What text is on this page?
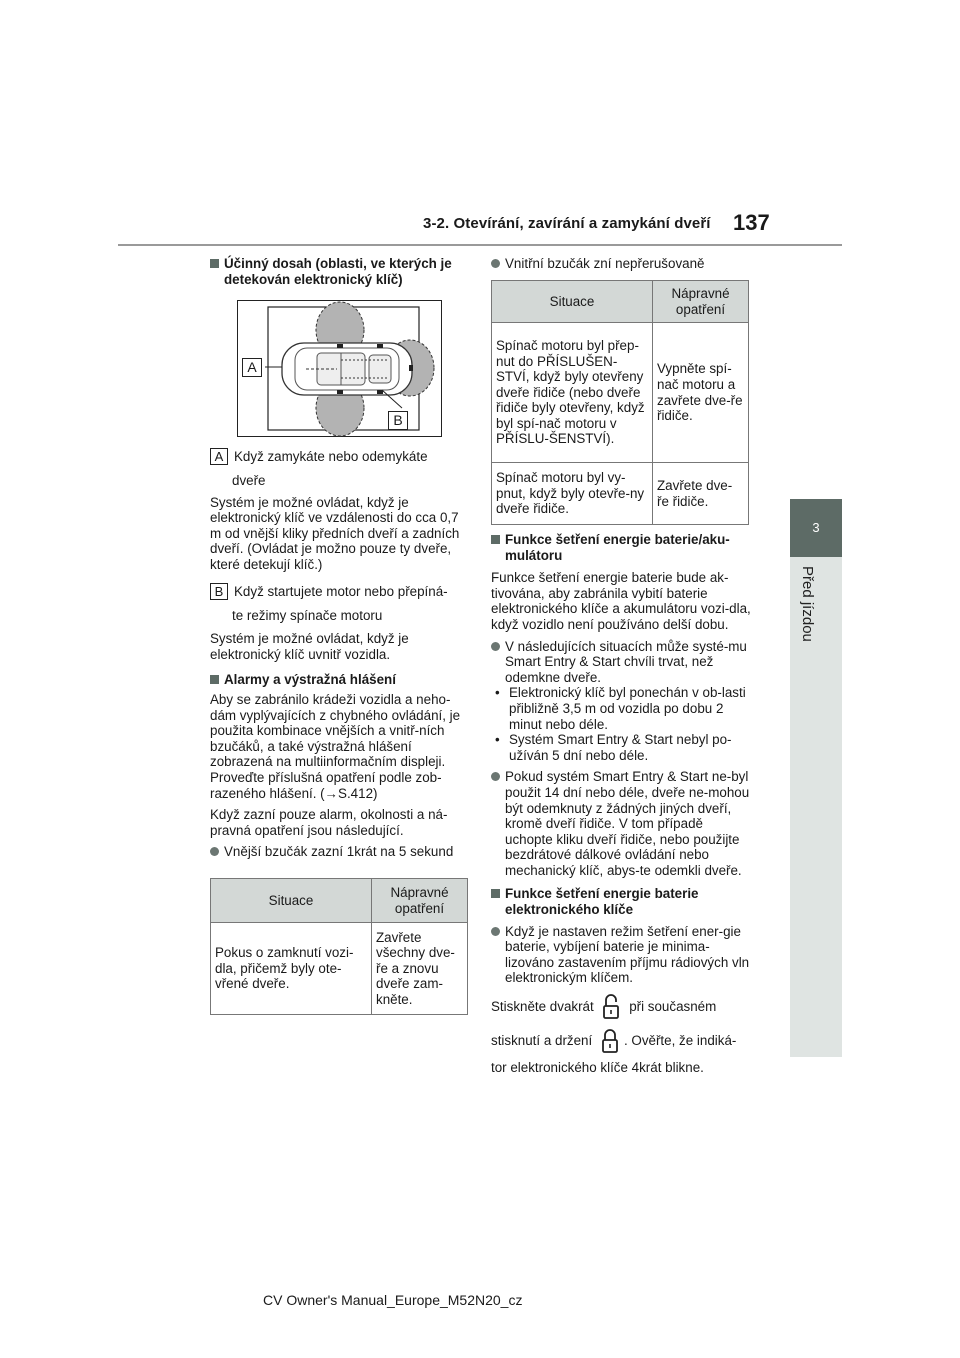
3-2. Otevírání, zavírání a zamykání dveří 137
3
Před jízdou
Účinný dosah (oblasti, ve kterých je detekován elektronický klíč)
A
B

A Když zamykáte nebo odemykáte

dveře

Systém je možné ovládat, když je elektronický klíč ve vzdálenosti do cca 0,7 m od vnější kliky předních dveří a zadních dveří. (Ovládat je možno pouze ty dveře, které detekují klíč.)

B Když startujete motor nebo přepíná-

te režimy spínače motoru

Systém je možné ovládat, když je elektronický klíč uvnitř vozidla.

Alarmy a výstražná hlášení

Aby se zabránilo krádeži vozidla a neho-dám vyplývajících z chybného ovládání, je použita kombinace vnějších a vnitř-ních bzučáků, a také výstražná hlášení zobrazená na multiinformačním displeji. Proveďte příslušná opatření podle zob-razeného hlášení. (→S.412)

Když zazní pouze alarm, okolnosti a ná-pravná opatření jsou následující.

Vnější bzučák zazní 1krát na 5 sekund
Situace	Nápravné opatření
Pokus o zamknutí vozi-dla, přičemž byly ote-vřené dveře.	Zavřete všechny dve-ře a znovu dveře zam-kněte.
Vnitřní bzučák zní nepřerušovaně
Situace	Nápravné opatření
Spínač motoru byl přep-nut do PŘÍSLUŠEN-STVÍ, když byly otevřeny dveře řidiče (nebo dveře řidiče byly otevřeny, když byl spí-nač motoru v PŘÍSLU-ŠENSTVÍ).	Vypněte spí-nač motoru a zavřete dve-ře řidiče.
Spínač motoru byl vy-pnut, když byly otevře-ny dveře řidiče.	Zavřete dve-ře řidiče.
Funkce šetření energie baterie/aku-mulátoru

Funkce šetření energie baterie bude ak-tivována, aby zabránila vybití baterie elektronického klíče a akumulátoru vozi-dla, když vozidlo není používáno delší dobu.

V následujících situacích může systé-mu Smart Entry & Start chvíli trvat, než odemkne dveře.
• Elektronický klíč byl ponechán v ob-lasti přibližně 3,5 m od vozidla po dobu 2 minut nebo déle.
• Systém Smart Entry & Start nebyl po-užíván 5 dní nebo déle.
Pokud systém Smart Entry & Start ne-byl použit 14 dní nebo déle, dveře ne-mohou být odemknuty z žádných jiných dveří, kromě dveří řidiče. V tom případě uchopte kliku dveří řidiče, nebo použijte bezdrátové dálkové ovládání nebo mechanický klíč, abys-te odemkli dveře.
Funkce šetření energie baterie elektronického klíče
Když je nastaven režim šetření ener-gie baterie, vybíjení baterie je minima-lizováno zastavením příjmu rádiových vln elektronickým klíčem.

Stiskněte dvakrát	při současném

stisknutí a držení . Ověřte, že indiká-

tor elektronického klíče 4krát blikne.

CV Owner's Manual_Europe_M52N20_cz
